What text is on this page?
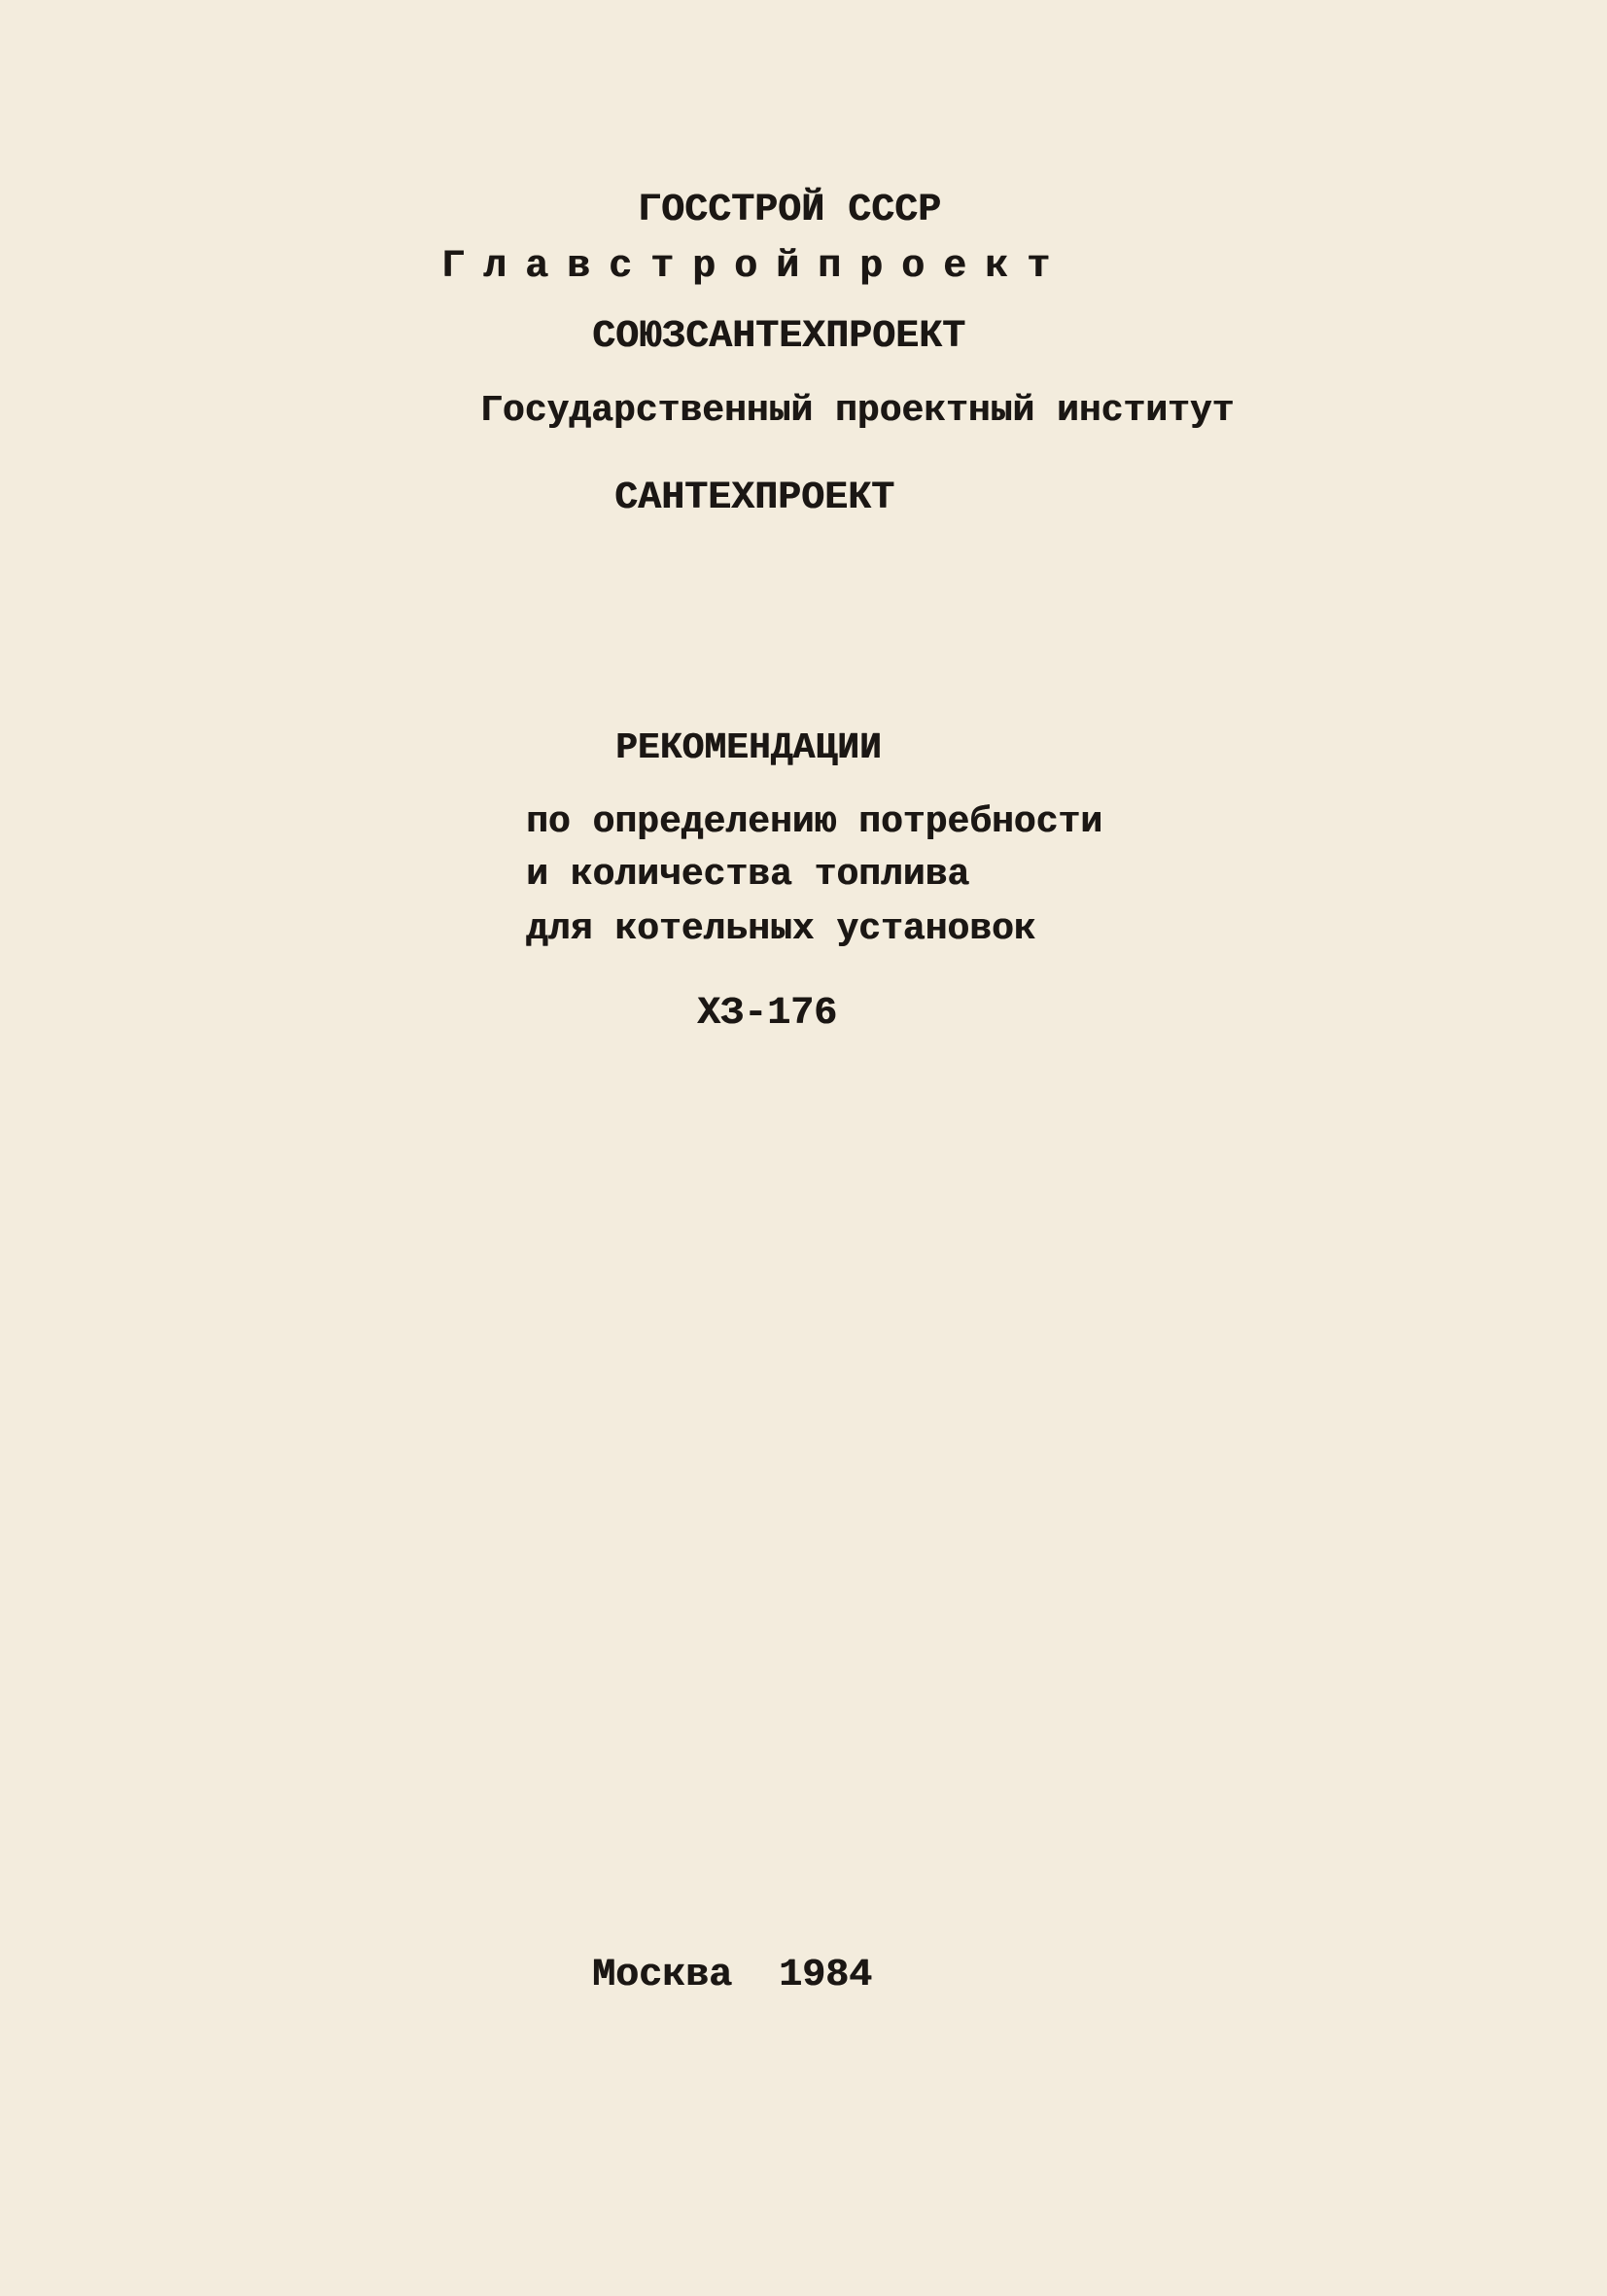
ГОССТРОЙ СССР
Главстройпроект
СОЮЗСАНТЕХПРОЕКТ
Государственный проектный институт
САНТЕХПРОЕКТ
РЕКОМЕНДАЦИИ
по определению потребности
и количества топлива
для котельных установок
ХЗ-176
Москва  1984
